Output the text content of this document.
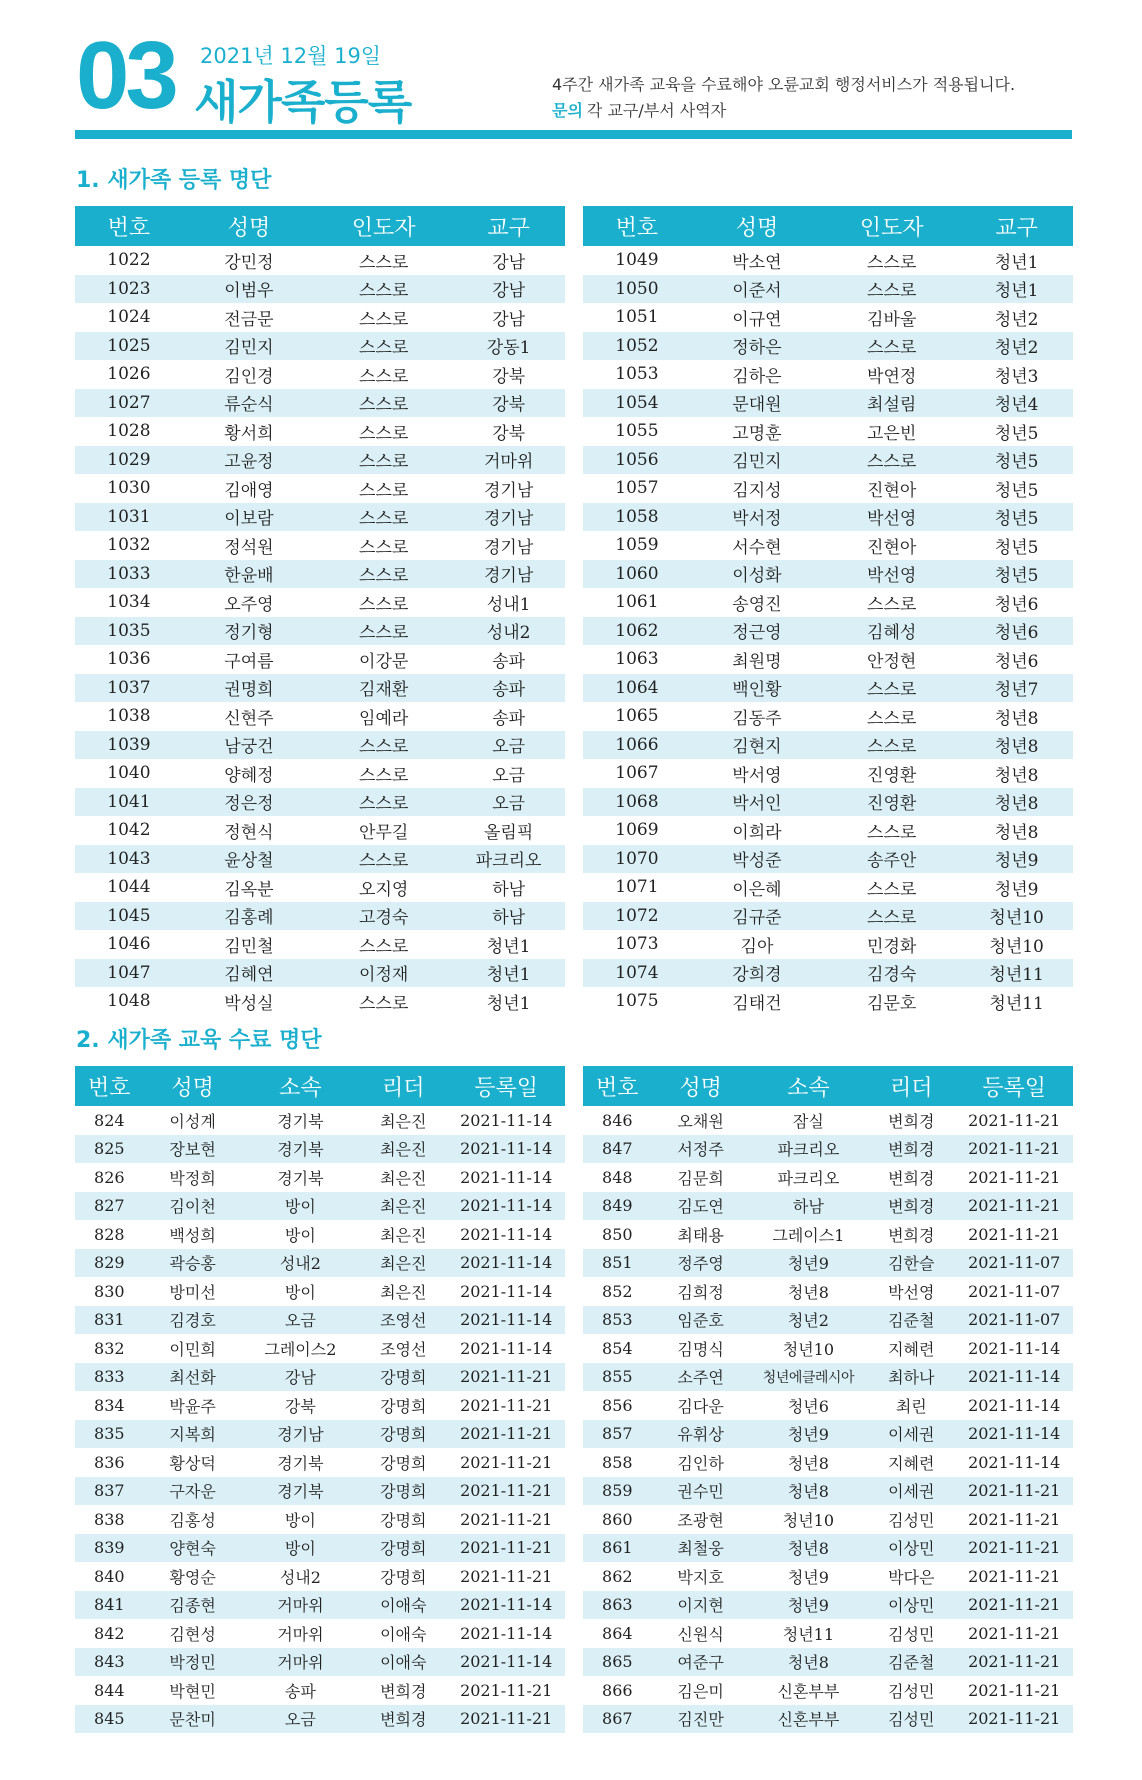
03 2021년 12월 19일
새가족등록	4주간 새가족 교육을 수료해야 오륜교회 행정서비스가 적용됩니다.
문의 각 교구/부서 사역자
1. 새가족 등록 명단
번호	성명	인도자	교구
1022	강민정	스스로	강남
1023	이범우	스스로	강남
1024	전금문	스스로	강남
1025	김민지	스스로	강동1
1026	김인경	스스로	강북
1027	류순식	스스로	강북
1028	황서희	스스로	강북
1029	고윤정	스스로	거마위
1030	김애영	스스로	경기남
1031	이보람	스스로	경기남
1032	정석원	스스로	경기남
1033	한윤배	스스로	경기남
1034	오주영	스스로	성내1
1035	정기형	스스로	성내2
1036	구여름	이강문	송파
1037	권명희	김재환	송파
1038	신현주	임예라	송파
1039	남궁건	스스로	오금
1040	양혜정	스스로	오금
1041	정은정	스스로	오금
1042	정현식	안무길	올림픽
1043	윤상철	스스로	파크리오
1044	김옥분	오지영	하남
1045	김홍례	고경숙	하남
1046	김민철	스스로	청년1
1047	김혜연	이정재	청년1
1048	박성실	스스로	청년1
번호	성명	인도자	교구
1049	박소연	스스로	청년1
1050	이준서	스스로	청년1
1051	이규연	김바울	청년2
1052	정하은	스스로	청년2
1053	김하은	박연정	청년3
1054	문대원	최설림	청년4
1055	고명훈	고은빈	청년5
1056	김민지	스스로	청년5
1057	김지성	진현아	청년5
1058	박서정	박선영	청년5
1059	서수현	진현아	청년5
1060	이성화	박선영	청년5
1061	송영진	스스로	청년6
1062	정근영	김혜성	청년6
1063	최원명	안정현	청년6
1064	백인황	스스로	청년7
1065	김동주	스스로	청년8
1066	김현지	스스로	청년8
1067	박서영	진영환	청년8
1068	박서인	진영환	청년8
1069	이희라	스스로	청년8
1070	박성준	송주안	청년9
1071	이은혜	스스로	청년9
1072	김규준	스스로	청년10
1073	김아	민경화	청년10
1074	강희경	김경숙	청년11
1075	김태건	김문호	청년11
2. 새가족 교육 수료 명단
번호	성명	소속	리더	등록일
824	이성계	경기북	최은진	2021-11-14
825	장보현	경기북	최은진	2021-11-14
826	박정희	경기북	최은진	2021-11-14
827	김이천	방이	최은진	2021-11-14
828	백성희	방이	최은진	2021-11-14
829	곽승홍	성내2	최은진	2021-11-14
830	방미선	방이	최은진	2021-11-14
831	김경호	오금	조영선	2021-11-14
832	이민희	그레이스2	조영선	2021-11-14
833	최선화	강남	강명희	2021-11-21
834	박윤주	강북	강명희	2021-11-21
835	지복희	경기남	강명희	2021-11-21
836	황상덕	경기북	강명희	2021-11-21
837	구자운	경기북	강명희	2021-11-21
838	김홍성	방이	강명희	2021-11-21
839	양현숙	방이	강명희	2021-11-21
840	황영순	성내2	강명희	2021-11-21
841	김종현	거마위	이애숙	2021-11-14
842	김현성	거마위	이애숙	2021-11-14
843	박정민	거마위	이애숙	2021-11-14
844	박현민	송파	변희경	2021-11-21
845	문찬미	오금	변희경	2021-11-21
번호	성명	소속	리더	등록일
846	오채원	잠실	변희경	2021-11-21
847	서정주	파크리오	변희경	2021-11-21
848	김문희	파크리오	변희경	2021-11-21
849	김도연	하남	변희경	2021-11-21
850	최태용	그레이스1	변희경	2021-11-21
851	정주영	청년9	김한슬	2021-11-07
852	김희정	청년8	박선영	2021-11-07
853	임준호	청년2	김준철	2021-11-07
854	김명식	청년10	지혜련	2021-11-14
855	소주연	청년에클레시아	최하나	2021-11-14
856	김다운	청년6	최린	2021-11-14
857	유휘상	청년9	이세권	2021-11-14
858	김인하	청년8	지혜련	2021-11-14
859	권수민	청년8	이세권	2021-11-21
860	조광현	청년10	김성민	2021-11-21
861	최철웅	청년8	이상민	2021-11-21
862	박지호	청년9	박다은	2021-11-21
863	이지현	청년9	이상민	2021-11-21
864	신원식	청년11	김성민	2021-11-21
865	여준구	청년8	김준철	2021-11-21
866	김은미	신혼부부	김성민	2021-11-21
867	김진만	신혼부부	김성민	2021-11-21
